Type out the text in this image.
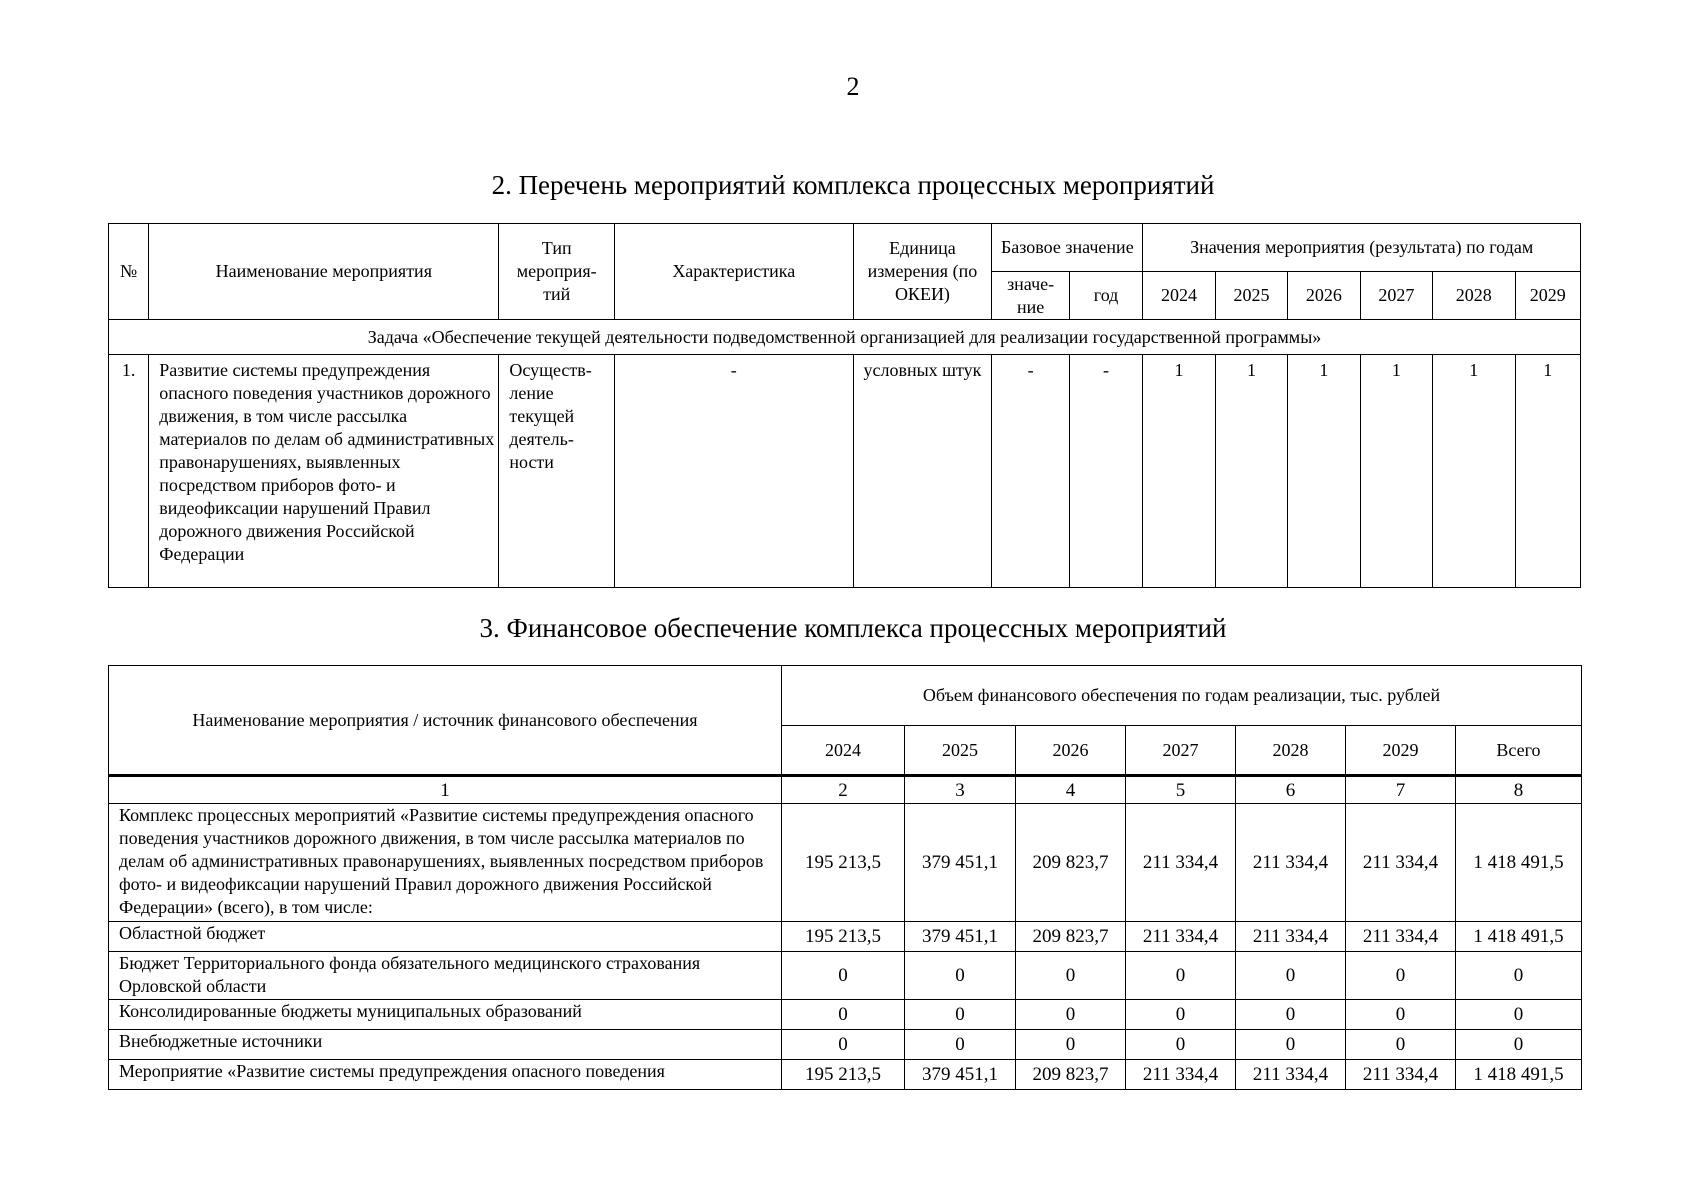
2
2. Перечень мероприятий комплекса процессных мероприятий
№	Наименование мероприятия	Тип мероприя-тий	Характеристика	Единица измерения (по ОКЕИ)	Базовое значение		Значения мероприятия (результата) по годам					
					значе-ние	год	2024	2025	2026	2027	2028	2029
Задача «Обеспечение текущей деятельности подведомственной организацией для реализации государственной программы»												
1.	Развитие системы предупреждения опасного поведения участников дорожного движения, в том числе рассылка материалов по делам об административных правонарушениях, выявленных посредством приборов фото- и видеофиксации нарушений Правил дорожного движения Российской Федерации	Осуществ-ление текущей деятель-ности	-	условных штук	-	-	1	1	1	1	1	1
3. Финансовое обеспечение комплекса процессных мероприятий
Наименование мероприятия / источник финансового обеспечения	Объем финансового обеспечения по годам реализации, тыс. рублей						
	2024	2025	2026	2027	2028	2029	Всего
1	2	3	4	5	6	7	8
Комплекс процессных мероприятий «Развитие системы предупреждения опасного поведения участников дорожного движения, в том числе рассылка материалов по делам об административных правонарушениях, выявленных посредством приборов фото- и видеофиксации нарушений Правил дорожного движения Российской Федерации» (всего), в том числе:	195 213,5	379 451,1	209 823,7	211 334,4	211 334,4	211 334,4	1 418 491,5
Областной бюджет	195 213,5	379 451,1	209 823,7	211 334,4	211 334,4	211 334,4	1 418 491,5
Бюджет Территориального фонда обязательного медицинского страхования Орловской области	0	0	0	0	0	0	0
Консолидированные бюджеты муниципальных образований	0	0	0	0	0	0	0
Внебюджетные источники	0	0	0	0	0	0	0
Мероприятие «Развитие системы предупреждения опасного поведения	195 213,5	379 451,1	209 823,7	211 334,4	211 334,4	211 334,4	1 418 491,5
